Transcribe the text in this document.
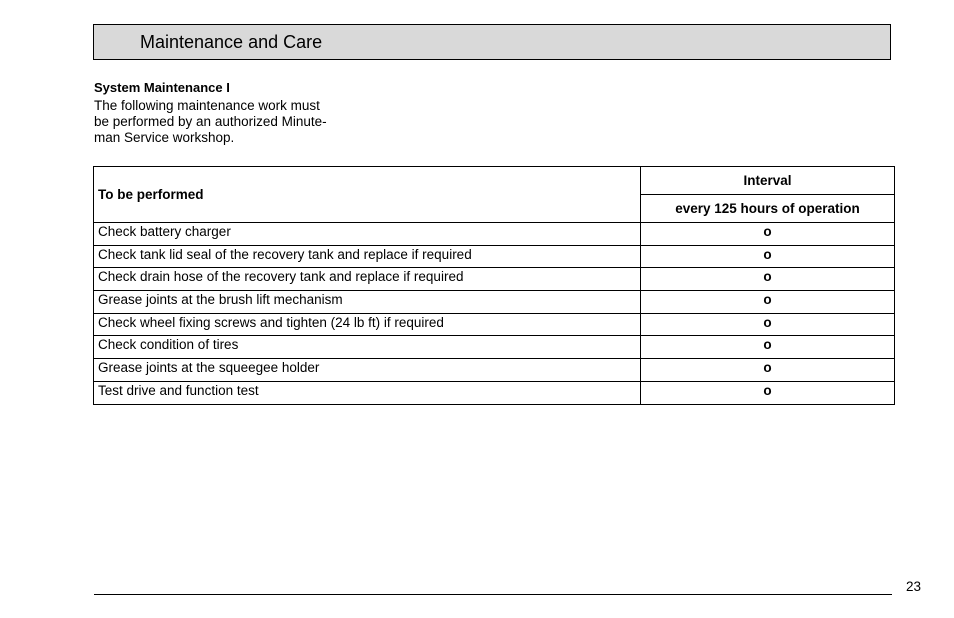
Maintenance and Care
System Maintenance I
The following maintenance work must
be performed by an authorized Minute-
man Service workshop.
To be performed	Interval
	every 125 hours of operation
Check battery charger	o
Check tank lid seal of the recovery tank and replace if required	o
Check drain hose of the recovery tank and replace if required	o
Grease joints at the brush lift mechanism	o
Check wheel fixing screws and tighten (24 lb ft) if required	o
Check condition of tires	o
Grease joints at the squeegee holder	o
Test drive and function test	o
23
